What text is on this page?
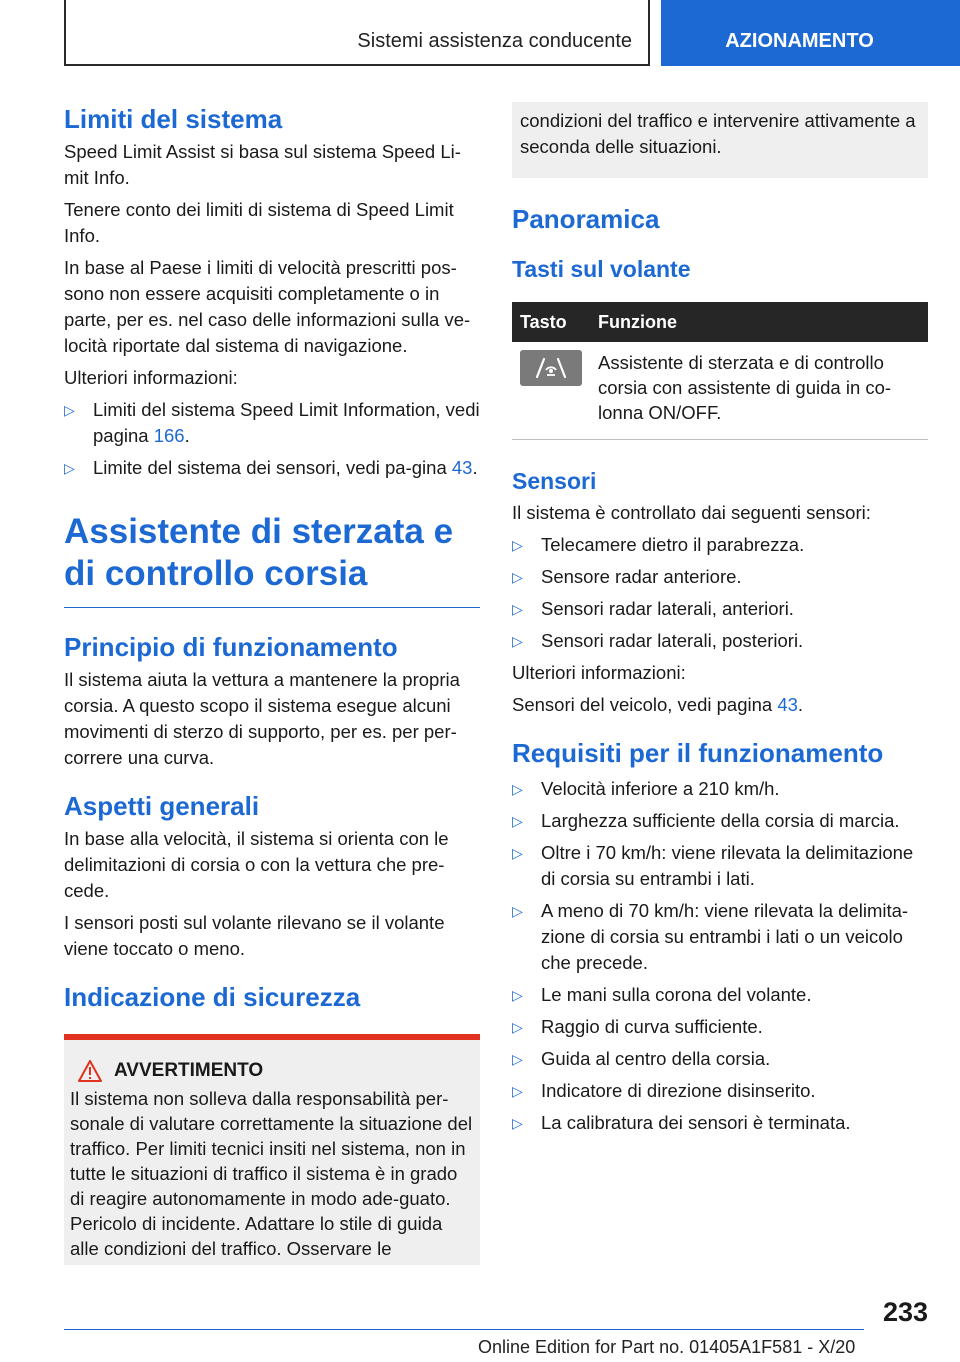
Sistemi assistenza conducente	AZIONAMENTO
Limiti del sistema

Speed Limit Assist si basa sul sistema Speed Li-mit Info.

Tenere conto dei limiti di sistema di Speed Limit Info.

In base al Paese i limiti di velocità prescritti pos-sono non essere acquisiti completamente o in parte, per es. nel caso delle informazioni sulla ve-locità riportate dal sistema di navigazione.

Ulteriori informazioni:

▷ Limiti del sistema Speed Limit Information, vedi pagina 166.
▷ Limite del sistema dei sensori, vedi pa-gina 43.
Assistente di sterzata e di controllo corsia
Principio di funzionamento

Il sistema aiuta la vettura a mantenere la propria corsia. A questo scopo il sistema esegue alcuni movimenti di sterzo di supporto, per es. per per-correre una curva.

Aspetti generali

In base alla velocità, il sistema si orienta con le delimitazioni di corsia o con la vettura che pre-cede.

I sensori posti sul volante rilevano se il volante viene toccato o meno.

Indicazione di sicurezza
AVVERTIMENTO

Il sistema non solleva dalla responsabilità per-sonale di valutare correttamente la situazione del traffico. Per limiti tecnici insiti nel sistema, non in tutte le situazioni di traffico il sistema è in grado di reagire autonomamente in modo ade-guato. Pericolo di incidente. Adattare lo stile di guida alle condizioni del traffico. Osservare le

condizioni del traffico e intervenire attivamente a seconda delle situazioni.

Panoramica
Tasti sul volante
Tasto	Funzione

	Assistente di sterzata e di controllo corsia con assistente di guida in co-lonna ON/OFF.
Sensori

Il sistema è controllato dai seguenti sensori:

▷ Telecamere dietro il parabrezza.
▷ Sensore radar anteriore.
▷ Sensori radar laterali, anteriori.
▷ Sensori radar laterali, posteriori.

Ulteriori informazioni:

Sensori del veicolo, vedi pagina 43.

Requisiti per il funzionamento
▷ Velocità inferiore a 210 km/h.
▷ Larghezza sufficiente della corsia di marcia.
▷ Oltre i 70 km/h: viene rilevata la delimitazione di corsia su entrambi i lati.
▷ A meno di 70 km/h: viene rilevata la delimita-zione di corsia su entrambi i lati o un veicolo che precede.
▷ Le mani sulla corona del volante.
▷ Raggio di curva sufficiente.
▷ Guida al centro della corsia.
▷ Indicatore di direzione disinserito.
▷ La calibratura dei sensori è terminata.
233
Online Edition for Part no. 01405A1F581 - X/20
